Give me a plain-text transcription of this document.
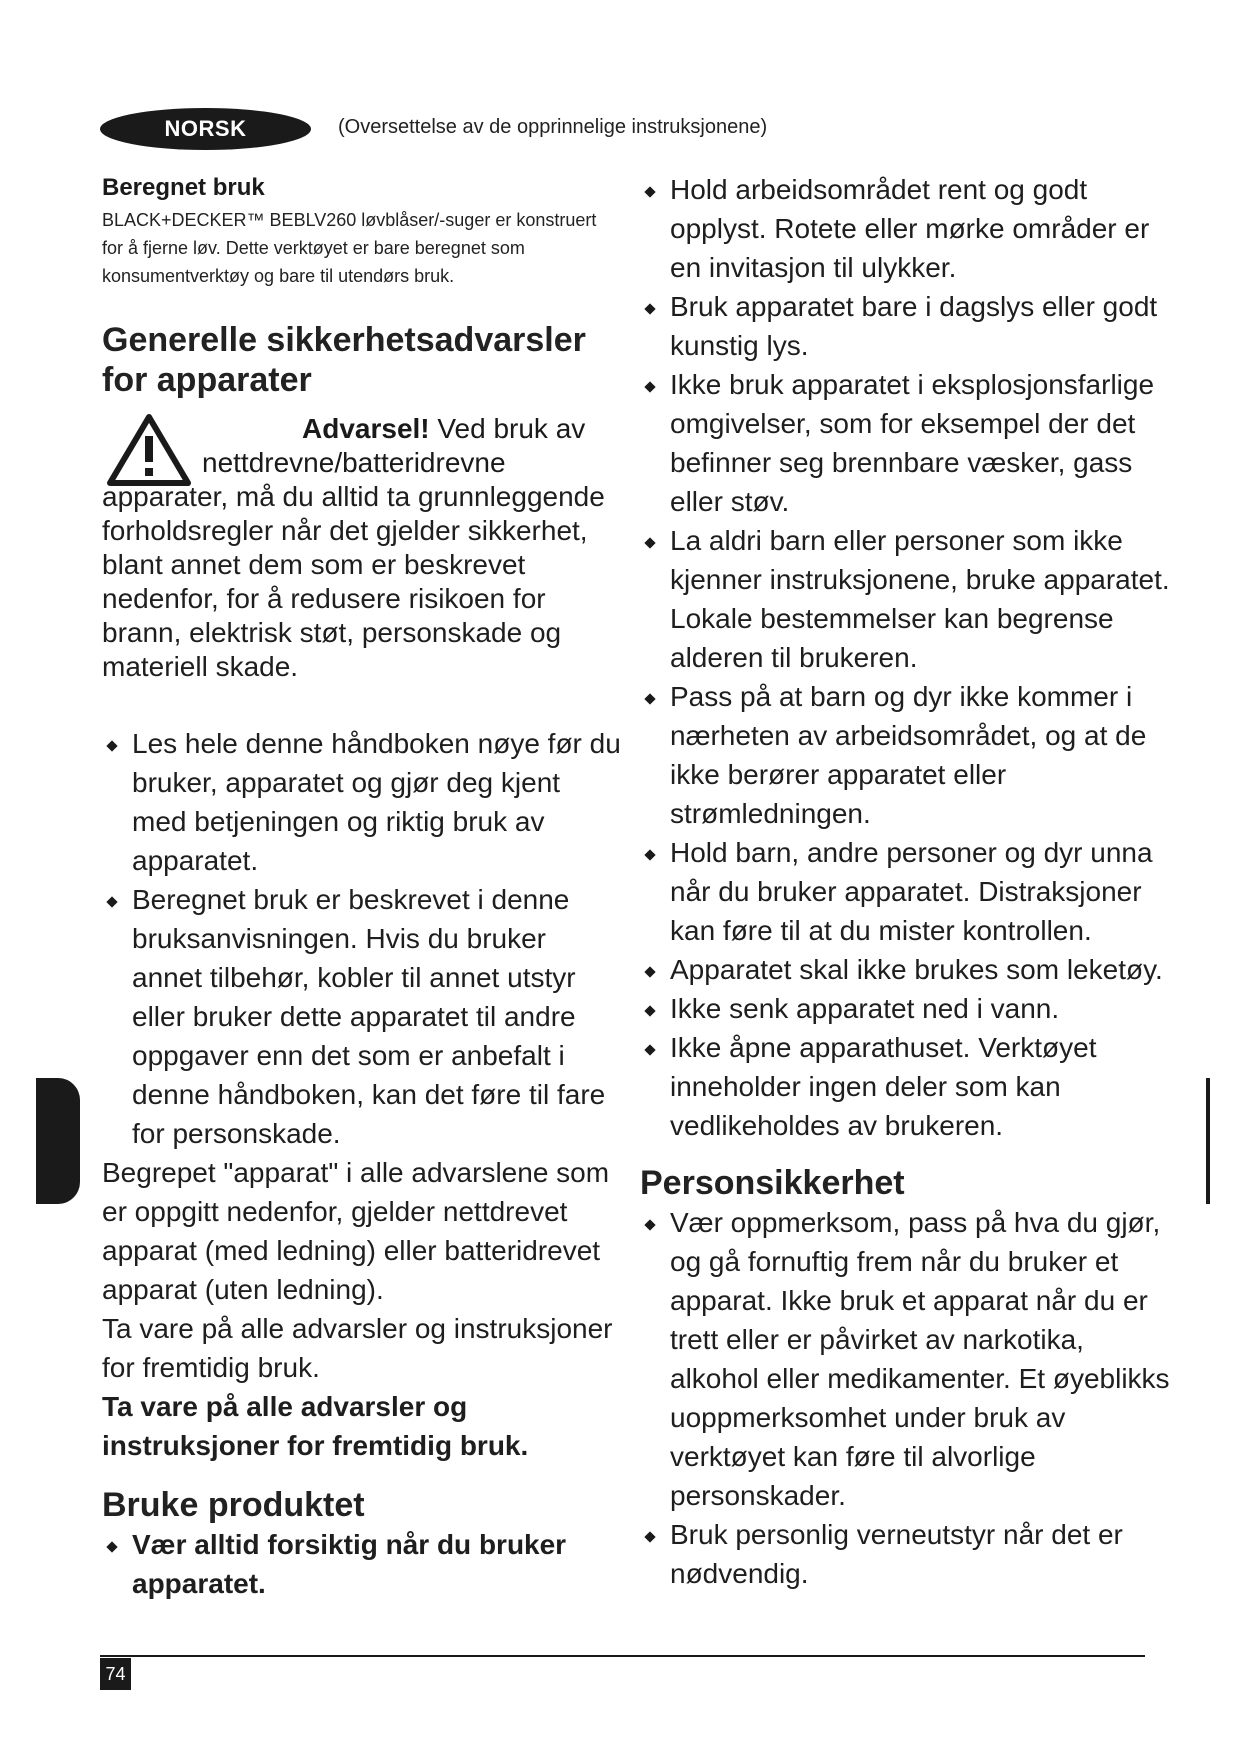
NORSK	(Oversettelse av de opprinnelige instruksjonene)
Beregnet bruk

BLACK+DECKER™ BEBLV260 løvblåser/-suger er konstruert

for å fjerne løv. Dette verktøyet er bare beregnet som

konsumentverktøy og bare til utendørs bruk.

Generelle sikkerhetsadvarsler
for apparater
Advarsel! Ved bruk av
nettdrevne/batteridrevne

apparater, må du alltid ta grunnleggende forholdsregler når det gjelder sikkerhet, blant annet dem som er beskrevet nedenfor, for å redusere risikoen for brann, elektrisk støt, personskade og materiell skade.

Les hele denne håndboken nøye før du bruker, apparatet og gjør deg kjent med betjeningen og riktig bruk av apparatet.
Beregnet bruk er beskrevet i denne bruksanvisningen. Hvis du bruker annet tilbehør, kobler til annet utstyr eller bruker dette apparatet til andre oppgaver enn det som er anbefalt i denne håndboken, kan det føre til fare for personskade.

Begrepet "apparat" i alle advarslene som er oppgitt nedenfor, gjelder nettdrevet apparat (med ledning) eller batteridrevet apparat (uten ledning).

Ta vare på alle advarsler og instruksjoner for fremtidig bruk.

Ta vare på alle advarsler og instruksjoner for fremtidig bruk.

Bruke produktet
Vær alltid forsiktig når du bruker apparatet.
Hold arbeidsområdet rent og godt opplyst. Rotete eller mørke områder er en invitasjon til ulykker.
Bruk apparatet bare i dagslys eller godt kunstig lys.
Ikke bruk apparatet i eksplosjonsfarlige omgivelser, som for eksempel der det befinner seg brennbare væsker, gass eller støv.
La aldri barn eller personer som ikke kjenner instruksjonene, bruke apparatet. Lokale bestemmelser kan begrense alderen til brukeren.
Pass på at barn og dyr ikke kommer i nærheten av arbeidsområdet, og at de ikke berører apparatet eller strømledningen.
Hold barn, andre personer og dyr unna når du bruker apparatet. Distraksjoner kan føre til at du mister kontrollen.
Apparatet skal ikke brukes som leketøy.
Ikke senk apparatet ned i vann.
Ikke åpne apparathuset. Verktøyet inneholder ingen deler som kan vedlikeholdes av brukeren.
Personsikkerhet
Vær oppmerksom, pass på hva du gjør, og gå fornuftig frem når du bruker et apparat. Ikke bruk et apparat når du er trett eller er påvirket av narkotika, alkohol eller medikamenter. Et øyeblikks uoppmerksomhet under bruk av verktøyet kan føre til alvorlige personskader.
Bruk personlig verneutstyr når det er nødvendig.
74
